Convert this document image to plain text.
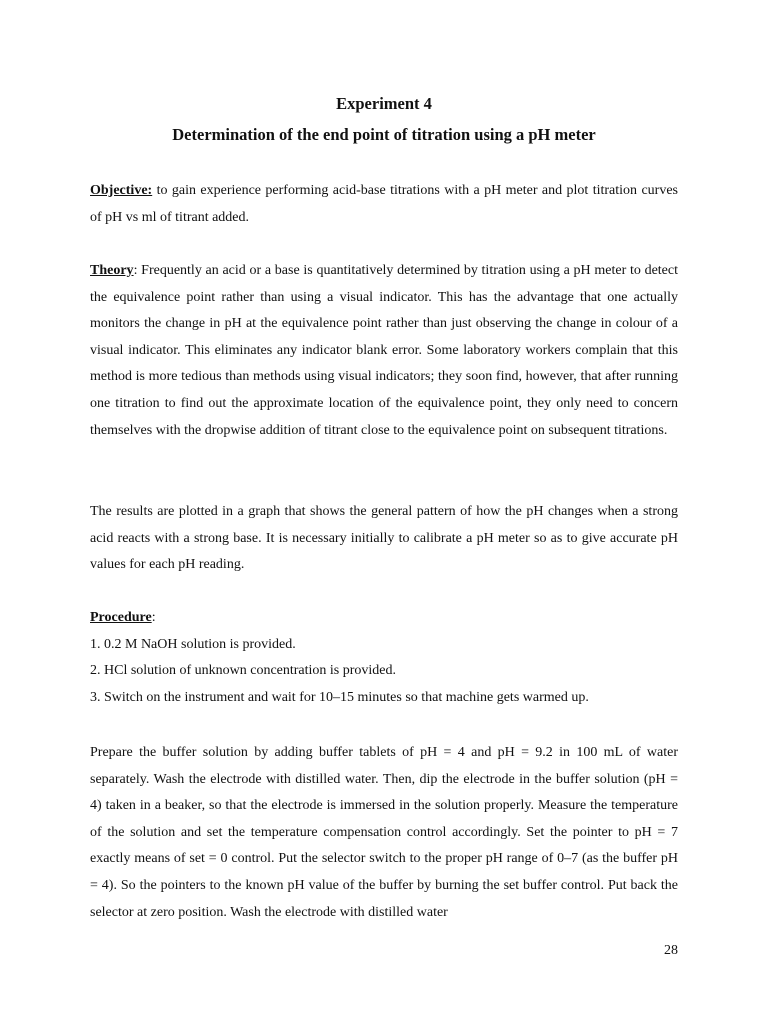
Experiment 4
Determination of the end point of titration using a pH meter

Objective: to gain experience performing acid-base titrations with a pH meter and plot titration curves of pH vs ml of titrant added.

Theory: Frequently an acid or a base is quantitatively determined by titration using a pH meter to detect the equivalence point rather than using a visual indicator. This has the advantage that one actually monitors the change in pH at the equivalence point rather than just observing the change in colour of a visual indicator. This eliminates any indicator blank error. Some laboratory workers complain that this method is more tedious than methods using visual indicators; they soon find, however, that after running one titration to find out the approximate location of the equivalence point, they only need to concern themselves with the dropwise addition of titrant close to the equivalence point on subsequent titrations.

The results are plotted in a graph that shows the general pattern of how the pH changes when a strong acid reacts with a strong base. It is necessary initially to calibrate a pH meter so as to give accurate pH values for each pH reading.

Procedure:

1. 0.2 M NaOH solution is provided.

2. HCl solution of unknown concentration is provided.

3. Switch on the instrument and wait for 10–15 minutes so that machine gets warmed up.

Prepare the buffer solution by adding buffer tablets of pH = 4 and pH = 9.2 in 100 mL of water separately. Wash the electrode with distilled water. Then, dip the electrode in the buffer solution (pH = 4) taken in a beaker, so that the electrode is immersed in the solution properly. Measure the temperature of the solution and set the temperature compensation control accordingly. Set the pointer to pH = 7 exactly means of set = 0 control. Put the selector switch to the proper pH range of 0–7 (as the buffer pH = 4). So the pointers to the known pH value of the buffer by burning the set buffer control. Put back the selector at zero position. Wash the electrode with distilled water

28
